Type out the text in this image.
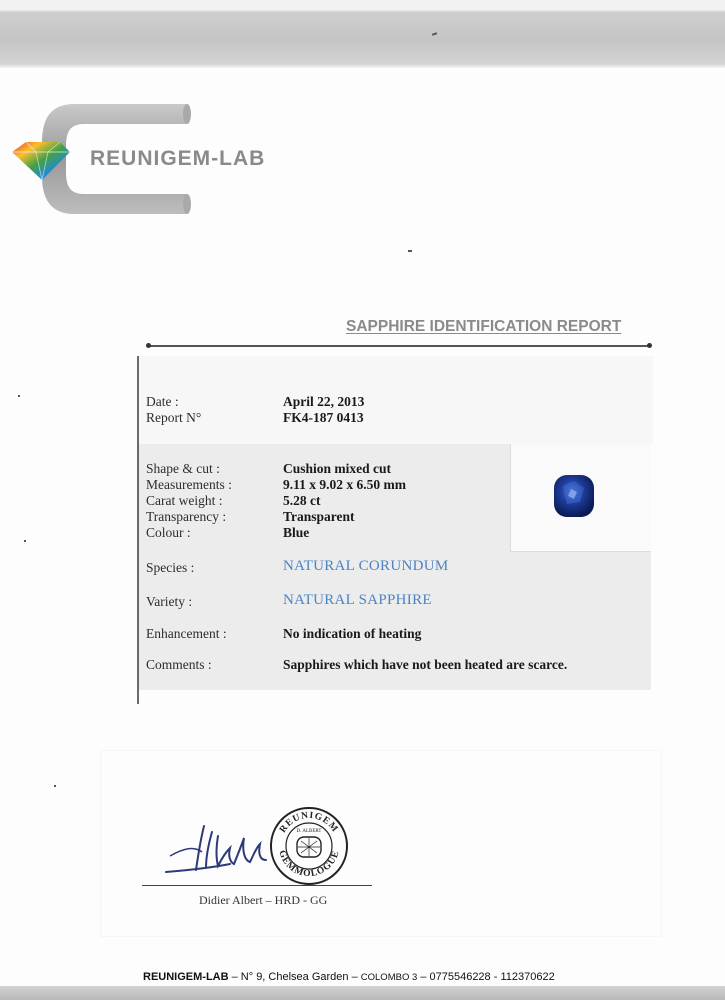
REUNIGEM-LAB
SAPPHIRE IDENTIFICATION REPORT
Date :	April 22, 2013
Report N°	FK4-187 0413
Shape & cut :	Cushion mixed cut
Measurements :	9.11 x 9.02 x 6.50 mm
Carat weight :	5.28 ct
Transparency :	Transparent
Colour :	Blue
Species :	NATURAL CORUNDUM
Variety :	NATURAL SAPPHIRE
Enhancement :	No indication of heating
Comments :	Sapphires which have not been heated are scarce.
REUNIGEM
GEMMOLOGUE
D. ALBERT
Didier Albert – HRD - GG
REUNIGEM-LAB – N° 9, Chelsea Garden – COLOMBO 3 – 0775546228 - 112370622
